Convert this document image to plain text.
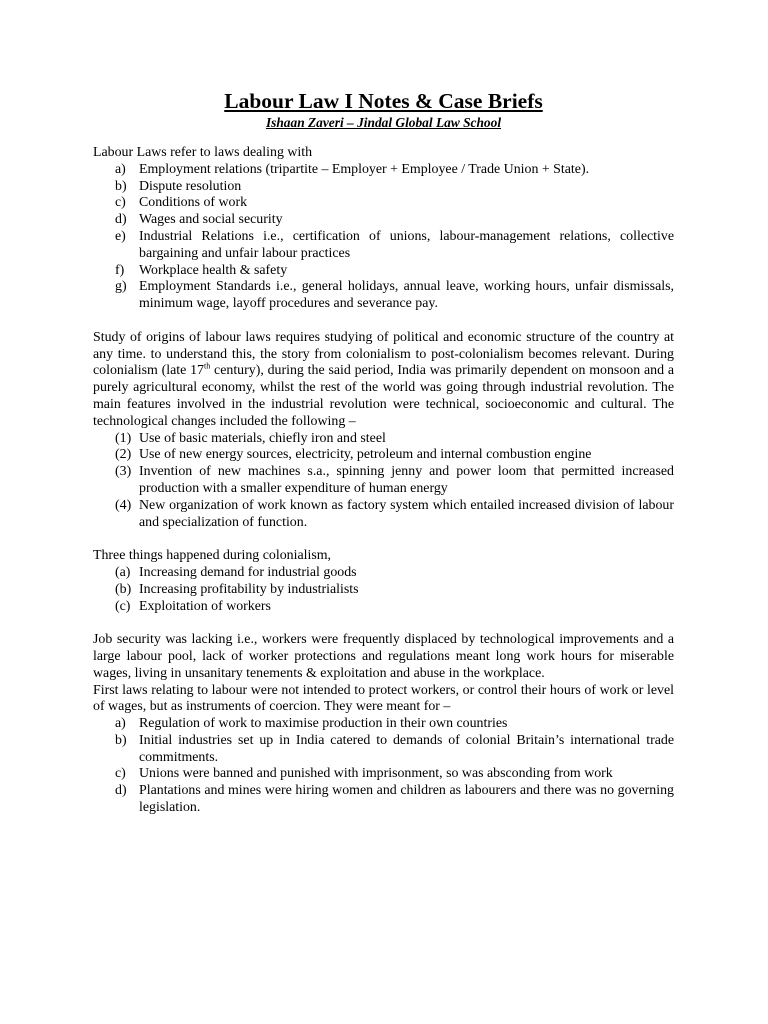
Labour Law I Notes & Case Briefs
Ishaan Zaveri – Jindal Global Law School

Labour Laws refer to laws dealing with

a) Employment relations (tripartite – Employer + Employee / Trade Union + State).
b) Dispute resolution
c) Conditions of work
d) Wages and social security
e) Industrial Relations i.e., certification of unions, labour-management relations, collective bargaining and unfair labour practices
f) Workplace health & safety
g) Employment Standards i.e., general holidays, annual leave, working hours, unfair dismissals, minimum wage, layoff procedures and severance pay.

Study of origins of labour laws requires studying of political and economic structure of the country at any time. to understand this, the story from colonialism to post-colonialism becomes relevant. During colonialism (late 17th century), during the said period, India was primarily dependent on monsoon and a purely agricultural economy, whilst the rest of the world was going through industrial revolution. The main features involved in the industrial revolution were technical, socioeconomic and cultural. The technological changes included the following –

(1) Use of basic materials, chiefly iron and steel
(2) Use of new energy sources, electricity, petroleum and internal combustion engine
(3) Invention of new machines s.a., spinning jenny and power loom that permitted increased production with a smaller expenditure of human energy
(4) New organization of work known as factory system which entailed increased division of labour and specialization of function.

Three things happened during colonialism,

(a) Increasing demand for industrial goods
(b) Increasing profitability by industrialists
(c) Exploitation of workers

Job security was lacking i.e., workers were frequently displaced by technological improvements and a large labour pool, lack of worker protections and regulations meant long work hours for miserable wages, living in unsanitary tenements & exploitation and abuse in the workplace.

First laws relating to labour were not intended to protect workers, or control their hours of work or level of wages, but as instruments of coercion. They were meant for –

a) Regulation of work to maximise production in their own countries
b) Initial industries set up in India catered to demands of colonial Britain’s international trade commitments.
c) Unions were banned and punished with imprisonment, so was absconding from work
d) Plantations and mines were hiring women and children as labourers and there was no governing legislation.
